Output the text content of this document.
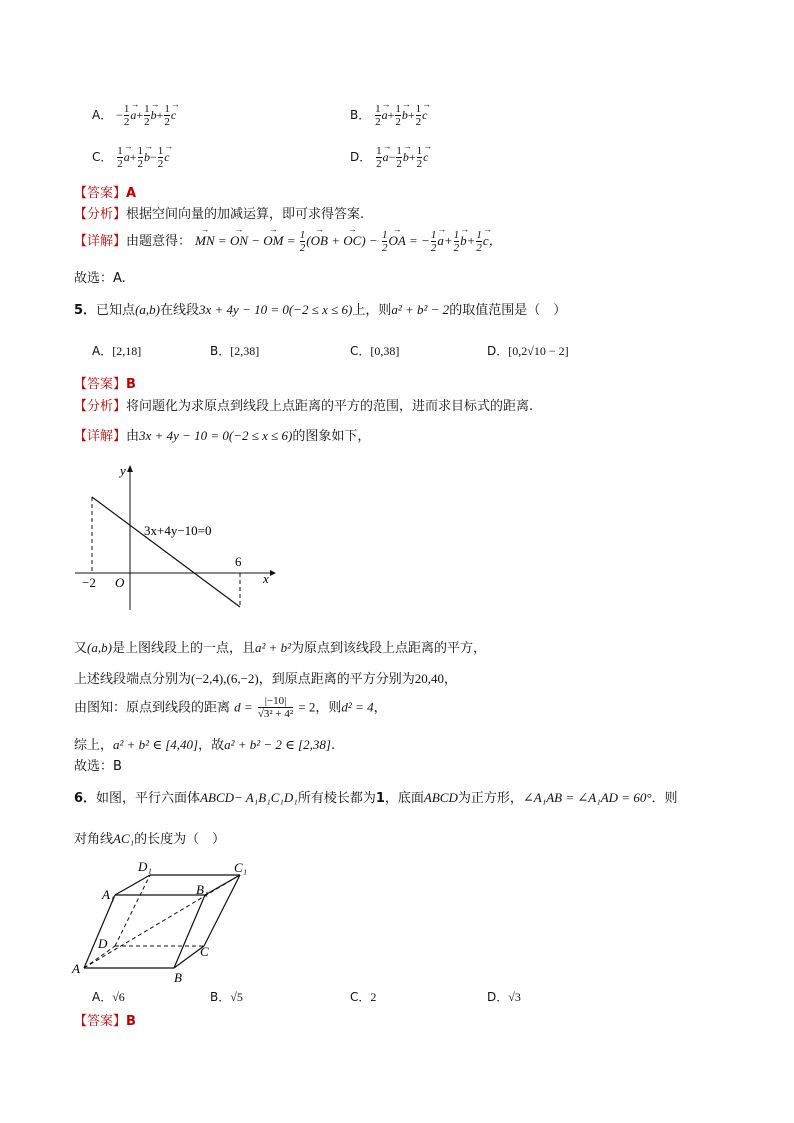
A． − $\frac{1}{2}$
→ $a+ \frac{1}{2}$
→ $b+ \frac{1}{2}$
→ c	B． $\frac{1}{2}$
→ $a+ \frac{1}{2}$
→ $b+ \frac{1}{2}$
→ c
C． $\frac{1}{2}$
→ $a+ \frac{1}{2}$
→ $b- \frac{1}{2}$
→ c	D． $\frac{1}{2}$
→ $a- \frac{1}{2}$
→ $b+ \frac{1}{2}$
→ c
【答案】A
【分析】根据空间向量的加减运算，即可求得答案.
【详解】由题意得： → MN = → ON − → OM = $\frac{1}{2}$ (→ OB + → $OC) - \frac{1}{2}$
→ OA = − $\frac{1}{2}$
→ $a+ \frac{1}{2}$
→ $b+ \frac{1}{2}$
→ c，
故选：A.
5．已知点(a,b)在线段3x + 4y − 10 = 0(−2 ≤ x ≤ 6)上，则a² + b² − 2的取值范围是（　）
A．[2,18]	B．[2,38]	C．[0,38]	D．[0,2√10 − 2]
【答案】B
【分析】将问题化为求原点到线段上点距离的平方的范围，进而求目标式的距离.
【详解】由3x + 4y − 10 = 0(−2 ≤ x ≤ 6)的图象如下，
3x+4y−10=0
y
x
O
−2
6
又(a,b)是上图线段上的一点，且a² + b²为原点到该线段上点距离的平方，
上述线段端点分别为(−2,4),(6,−2)，到原点距离的平方分别为20,40，
由图知：原点到线段的距离 $d = \frac{|-10|}{\text{√3² + 4²}} = 2$，则d² = 4，
综上，a² + b² ∈ [4,40]，故a² + b² − 2 ∈ [2,38].
故选：B
6．如图，平行六面体ABCD− A₁B₁C₁D₁所有棱长都为1，底面ABCD为正方形，∠A₁AB = ∠A₁AD = 60°．则
对角线AC₁的长度为（　）
A
B
C
D
A₁	B₁
C₁
D₁
A．√6	B．√5	C．2	D．√3
【答案】B
